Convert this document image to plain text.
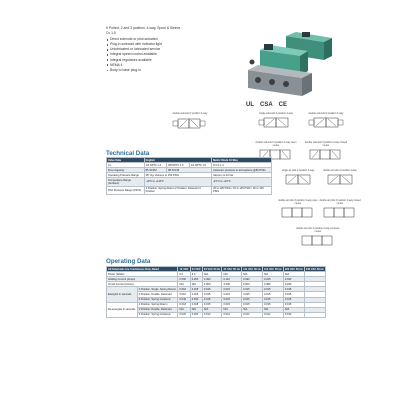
5 Ported, 2 and 3 position, 4-way, Spool & Sleeve
Cv 1.5
Direct solenoid or pilot actuated
Plug-in solenoid with indicator light
Unlubricated or lubricated service
Integral speed control available
Integral regulators available
NEMA 4
Body to base plug-in
UL CSA CE
double solenoid 2 position 4-way	single solenoid 2 position 4-way	double solenoid 2 position 4-way
double solenoid 3 position 4-way open center
double solenoid 3 position 4-way closed center
single air pilot 2 position 4-way	double air pilot 2 position 4-way
double air pilot 3 position 4-way open center
double air pilot 3 position 4-way closed center
double air pilot 3 position 4-way pressure center
Technical Data
Valve Data	English			Metric Mode 10-Way
Cv	1/4 NPTF 1.4	3/8 NPTF 1.5	1/2 NPTF 1.5	1/4 G 1.4
Flow Capacity	85 SCFM	88 SCFM		Upstream pressure to atmosphere @80 PSIG
Operating Pressure Range	28" Hg. Vacuum to 150 PSIG			Vacuum to 10 bar
Temperature Range (Ambient)	-10°F to +110°F			-23°C to +43°C
Pilot Pressure Range (PICS)	2 Position, Spring Return 2 Position, Detented 3 Position			20 to 125 PSIG / 15 to 125 PSIG / 30 to 125 PSIG
Operating Data
All Solenoids Are Continuous Duty Rated		12 VDC	24 VDC	24 VAC 60 Hz	24 VAC 50 Hz	110 VAC 60 Hz	110 VAC 50 Hz	220 VAC 60 Hz	240 VAC 50 Hz
Power (Watts)		6.0	6.0	N/A	N/A	N/A	N/A	N/A	
Holding Current (Amps)		0.500	0.250	0.490	0.110	0.090	0.045	0.040	
Inrush Current (Amps)		N/A	N/A	2.950	2.530	0.600	0.480	0.290	
Energize in seconds	2 Position, Single, Spring Return	0.018	0.018	0.015	0.015	0.015	0.015	0.015	
	2 Position, Double, Detented	0.016	0.016	0.015	0.015	0.015	0.015	0.015	
	3 Position, Spring Centered	0.040	0.040	0.015	0.015	0.015	0.015	0.015	
De-energize in seconds	2 Position, Spring Return	0.018	0.018	0.015	0.015	0.015	0.015	0.015	
	2 Position, Double, Detented	N/A	N/A	N/A	N/A	N/A	N/A	N/A	
	3 Position, Spring Centered	0.020	0.020	0.012	0.012	0.012	0.012	0.012	
